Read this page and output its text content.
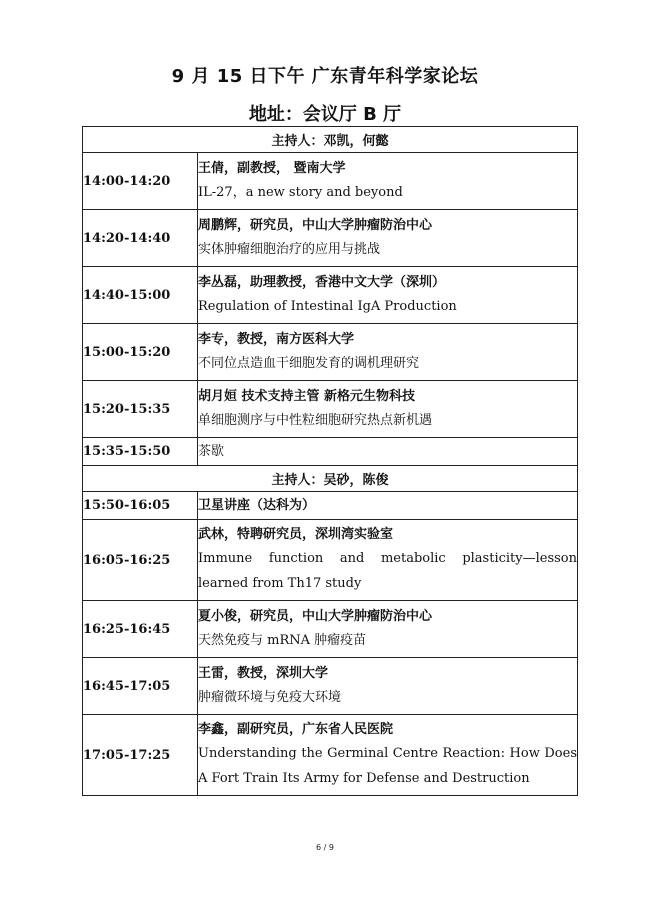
9 月 15 日下午 广东青年科学家论坛
地址：会议厅 B 厅
主持人：邓凯，何懿	
14:00-14:20	王倩，副教授， 暨南大学
IL-27，a new story and beyond

14:20-14:40	周鹏辉，研究员，中山大学肿瘤防治中心
实体肿瘤细胞治疗的应用与挑战

14:40-15:00	李丛磊，助理教授，香港中文大学（深圳）
Regulation of Intestinal IgA Production

15:00-15:20	李专，教授，南方医科大学
不同位点造血干细胞发育的调机理研究

15:20-15:35	胡月姮 技术支持主管 新格元生物科技
单细胞测序与中性粒细胞研究热点新机遇

15:35-15:50	茶歇

主持人：吴砂，陈俊	
15:50-16:05	卫星讲座（达科为）

16:05-16:25	武林，特聘研究员，深圳湾实验室
Immune function and metabolic plasticity—lesson learned from Th17 study

16:25-16:45	夏小俊，研究员，中山大学肿瘤防治中心
天然免疫与 mRNA 肿瘤疫苗

16:45-17:05	王雷，教授，深圳大学
肿瘤微环境与免疫大环境

17:05-17:25	李鑫，副研究员，广东省人民医院
Understanding the Germinal Centre Reaction: How Does A Fort Train Its Army for Defense and Destruction
6 / 9
